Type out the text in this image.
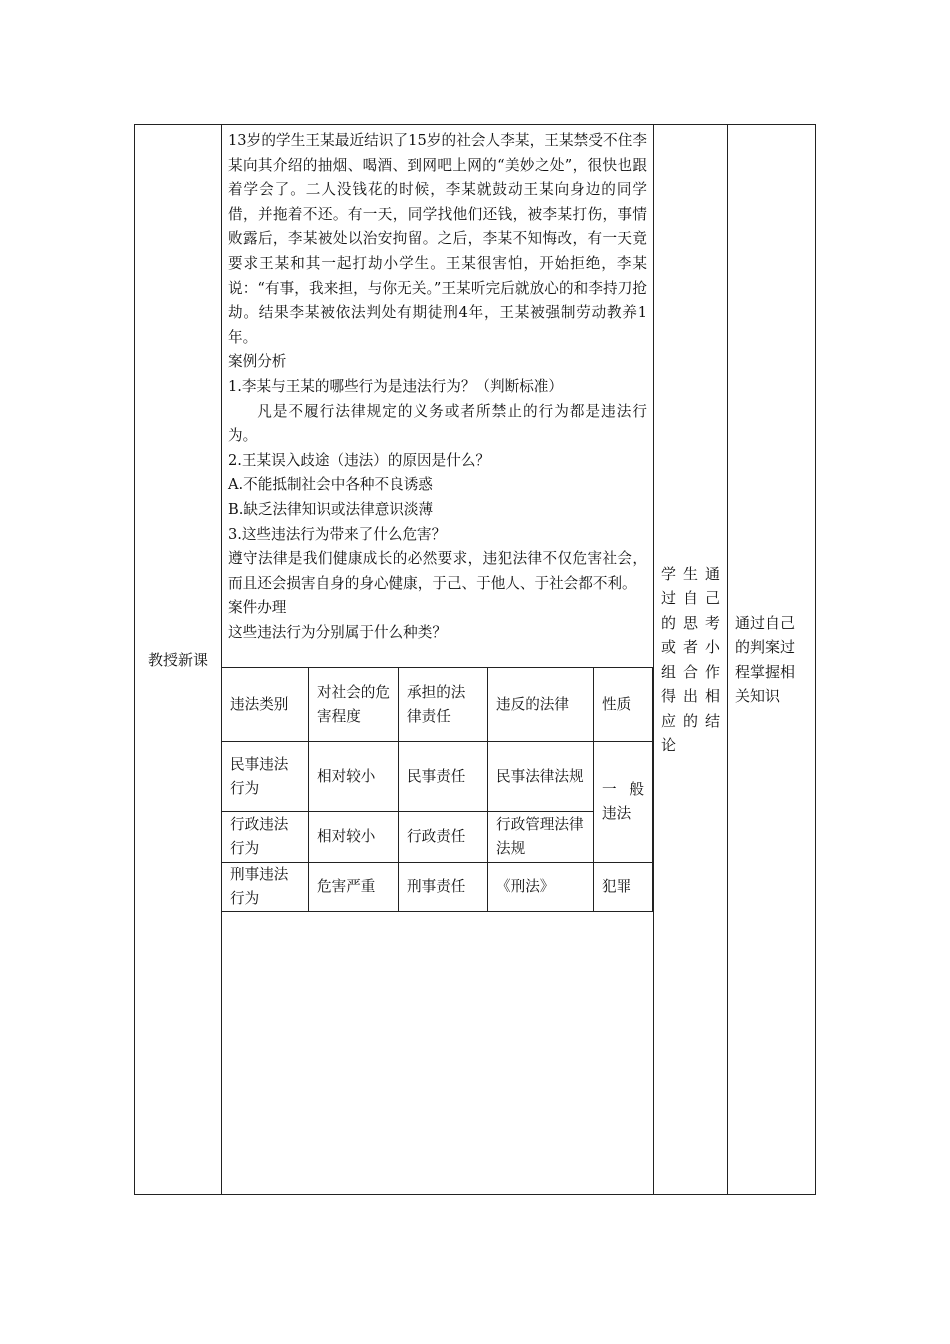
教授新课	

13岁的学生王某最近结识了15岁的社会人李某，王某禁受不住李某向其介绍的抽烟、喝酒、到网吧上网的“美妙之处”，很快也跟着学会了。二人没钱花的时候，李某就鼓动王某向身边的同学借，并拖着不还。有一天，同学找他们还钱，被李某打伤，事情败露后，李某被处以治安拘留。之后，李某不知悔改，有一天竟要求王某和其一起打劫小学生。王某很害怕，开始拒绝，李某说：“有事，我来担，与你无关。”王某听完后就放心的和李持刀抢劫。结果李某被依法判处有期徒刑4年，王某被强制劳动教养1年。

案例分析

1.李某与王某的哪些行为是违法行为？（判断标准）

凡是不履行法律规定的义务或者所禁止的行为都是违法行为。

2.王某误入歧途（违法）的原因是什么？

A.不能抵制社会中各种不良诱惑

B.缺乏法律知识或法律意识淡薄

3.这些违法行为带来了什么危害？

遵守法律是我们健康成长的必然要求，违犯法律不仅危害社会，而且还会损害自身的身心健康，于己、于他人、于社会都不利。

案件办理

这些违法行为分别属于什么种类？

违法类别	对社会的危害程度	承担的法律责任	违反的法律	性质
民事违法行为	相对较小	民事责任	民事法律法规	一般违法
行政违法行为	相对较小	行政责任	行政管理法律法规
刑事违法行为	危害严重	刑事责任	《刑法》	犯罪

学生通过自己的思考或者小组合作得出相应的结论

通过自己的判案过程掌握相关知识
